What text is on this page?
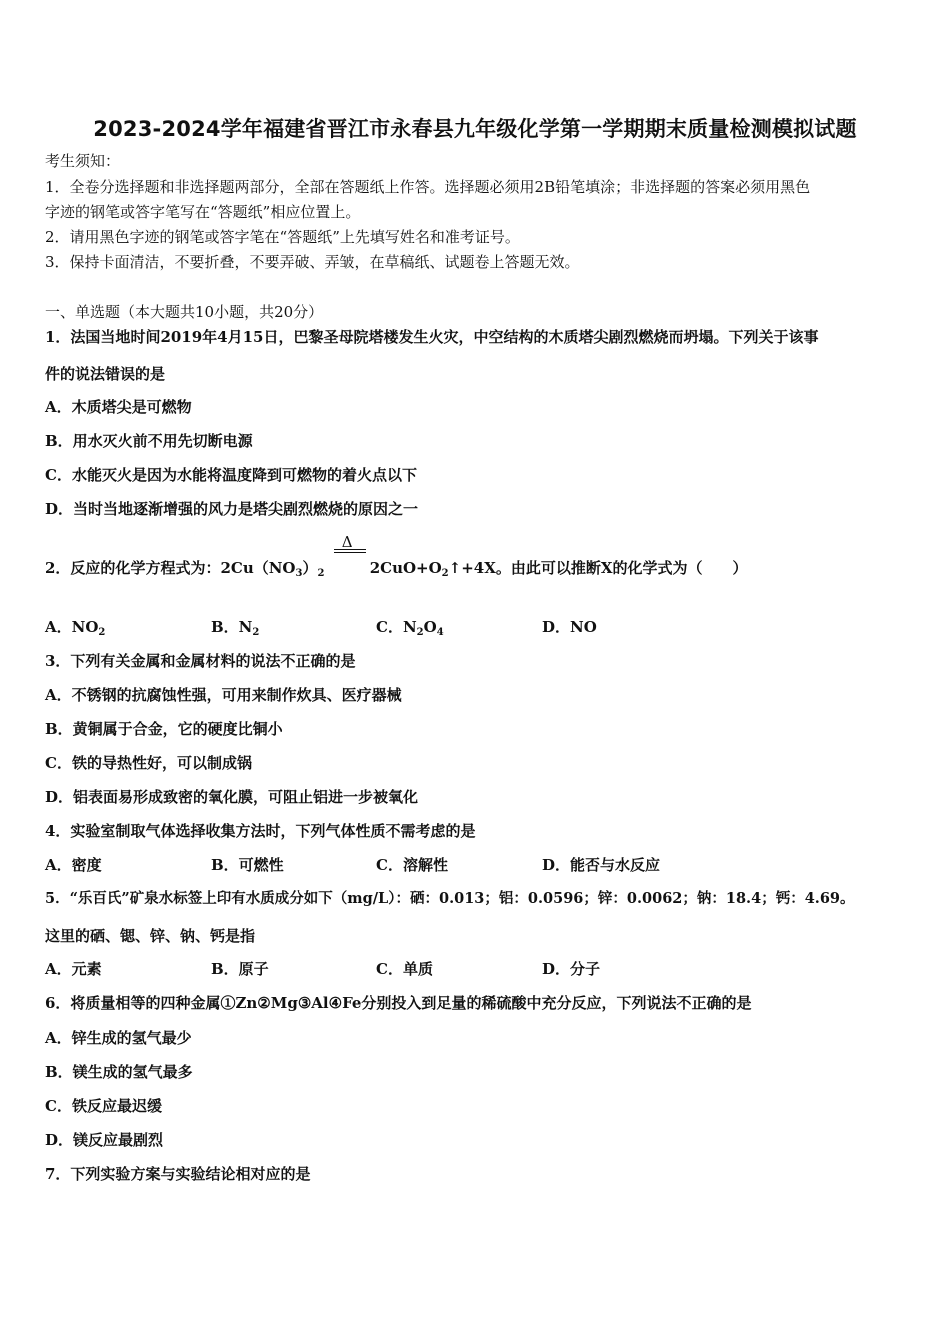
2023-2024学年福建省晋江市永春县九年级化学第一学期期末质量检测模拟试题
考生须知：
1．全卷分选择题和非选择题两部分，全部在答题纸上作答。选择题必须用2B铅笔填涂；非选择题的答案必须用黑色
字迹的钢笔或答字笔写在“答题纸”相应位置上。
2．请用黑色字迹的钢笔或答字笔在“答题纸”上先填写姓名和准考证号。
3．保持卡面清洁，不要折叠，不要弄破、弄皱，在草稿纸、试题卷上答题无效。
一、单选题（本大题共10小题，共20分）
1．法国当地时间2019年4月15日，巴黎圣母院塔楼发生火灾，中空结构的木质塔尖剧烈燃烧而坍塌。下列关于该事
件的说法错误的是
A．木质塔尖是可燃物
B．用水灭火前不用先切断电源
C．水能灭火是因为水能将温度降到可燃物的着火点以下
D．当时当地逐渐增强的风力是塔尖剧烈燃烧的原因之一
2．反应的化学方程式为：$2Cu(NO_3)_2$
Δ
$2CuO+O_2↑+4X$。由此可以推断X的化学式为（　　）
A．$NO_2$	B．$N_2$	C．$N_2O_4$	D．NO
3．下列有关金属和金属材料的说法不正确的是
A．不锈钢的抗腐蚀性强，可用来制作炊具、医疗器械
B．黄铜属于合金，它的硬度比铜小
C．铁的导热性好，可以制成锅
D．铝表面易形成致密的氧化膜，可阻止铝进一步被氧化
4．实验室制取气体选择收集方法时，下列气体性质不需考虑的是
A．密度	B．可燃性	C．溶解性	D．能否与水反应
5．“乐百氏”矿泉水标签上印有水质成分如下（mg/L）：硒：0.013；铝：0.0596；锌：0.0062；钠：18.4；钙：4.69。
这里的硒、锶、锌、钠、钙是指
A．元素	B．原子	C．单质	D．分子
6．将质量相等的四种金属①Zn②Mg③Al④Fe分别投入到足量的稀硫酸中充分反应，下列说法不正确的是
A．锌生成的氢气最少
B．镁生成的氢气最多
C．铁反应最迟缓
D．镁反应最剧烈
7．下列实验方案与实验结论相对应的是
